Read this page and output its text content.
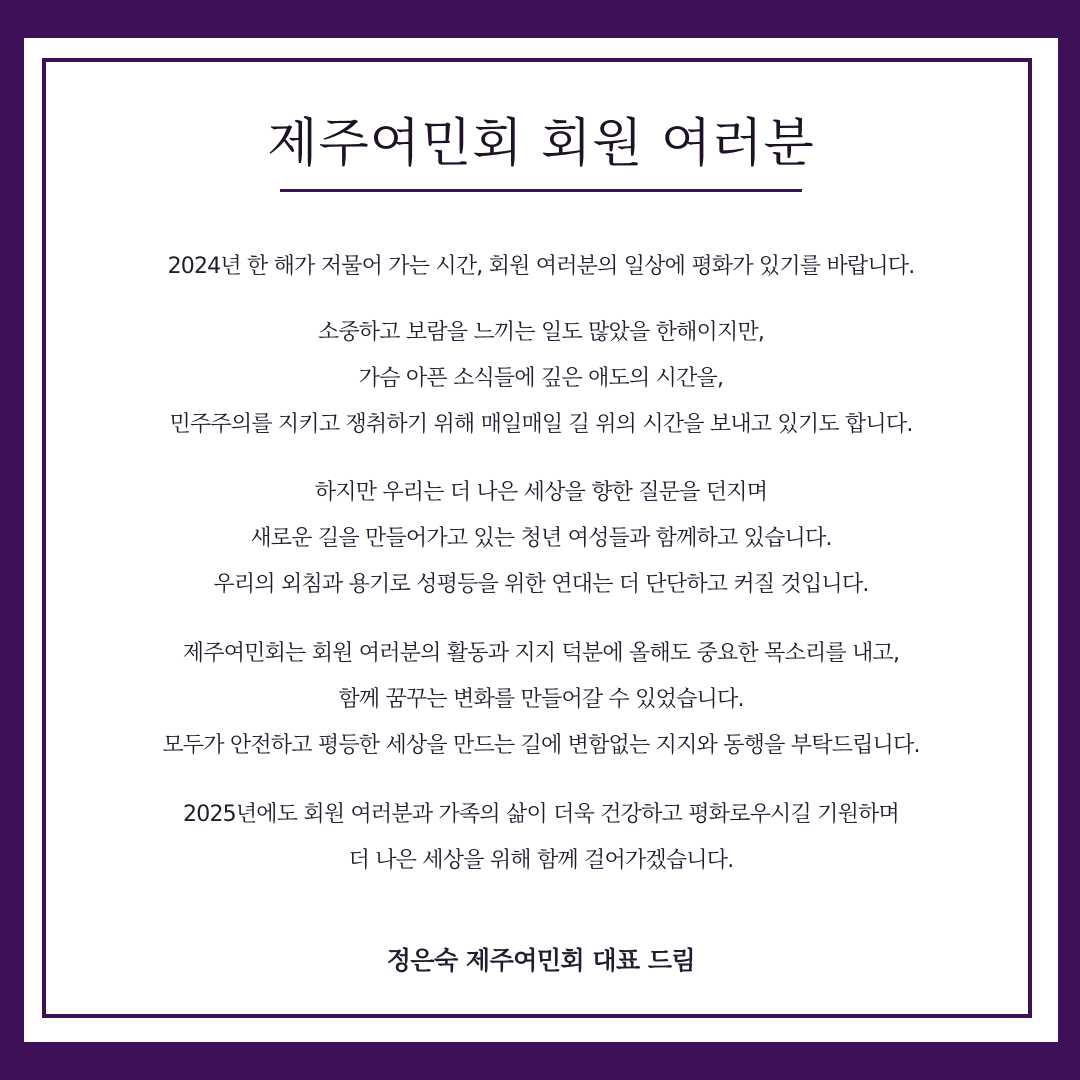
제주여민회 회원 여러분
2024년 한 해가 저물어 가는 시간, 회원 여러분의 일상에 평화가 있기를 바랍니다.
소중하고 보람을 느끼는 일도 많았을 한해이지만,
가슴 아픈 소식들에 깊은 애도의 시간을,
민주주의를 지키고 쟁취하기 위해 매일매일 길 위의 시간을 보내고 있기도 합니다.
하지만 우리는 더 나은 세상을 향한 질문을 던지며
새로운 길을 만들어가고 있는 청년 여성들과 함께하고 있습니다.
우리의 외침과 용기로 성평등을 위한 연대는 더 단단하고 커질 것입니다.
제주여민회는 회원 여러분의 활동과 지지 덕분에 올해도 중요한 목소리를 내고,
함께 꿈꾸는 변화를 만들어갈 수 있었습니다.
모두가 안전하고 평등한 세상을 만드는 길에 변함없는 지지와 동행을 부탁드립니다.
2025년에도 회원 여러분과 가족의 삶이 더욱 건강하고 평화로우시길 기원하며
더 나은 세상을 위해 함께 걸어가겠습니다.
정은숙 제주여민회 대표 드림
